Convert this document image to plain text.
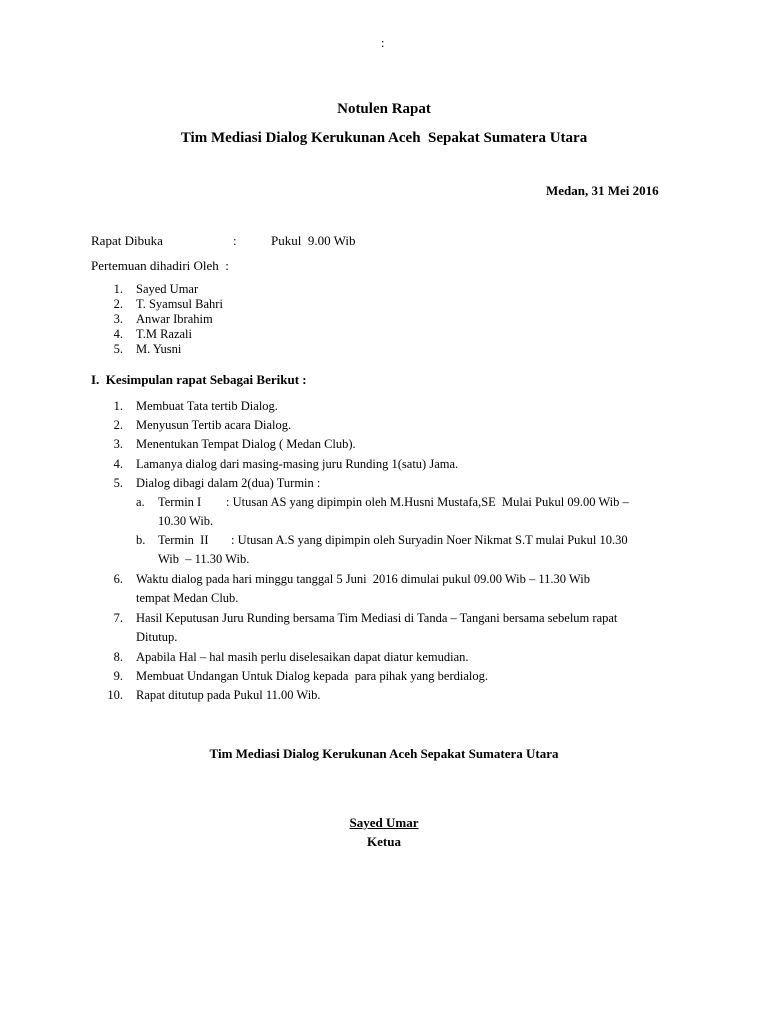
:
Notulen Rapat
Tim Mediasi Dialog Kerukunan Aceh  Sepakat Sumatera Utara
Medan, 31 Mei 2016
Rapat Dibuka	:	Pukul  9.00 Wib
Pertemuan dihadiri Oleh  :
1. Sayed Umar
2. T. Syamsul Bahri
3. Anwar Ibrahim
4. T.M Razali
5. M. Yusni
I.  Kesimpulan rapat Sebagai Berikut :
1. Membuat Tata tertib Dialog.
2. Menyusun Tertib acara Dialog.
3. Menentukan Tempat Dialog ( Medan Club).
4. Lamanya dialog dari masing-masing juru Runding 1(satu) Jama.
5. Dialog dibagi dalam 2(dua) Turmin :
a. Termin I : Utusan AS yang dipimpin oleh M.Husni Mustafa,SE  Mulai Pukul 09.00 Wib –
10.30 Wib.
b. Termin  II : Utusan A.S yang dipimpin oleh Suryadin Noer Nikmat S.T mulai Pukul 10.30
Wib  – 11.30 Wib.
6. Waktu dialog pada hari minggu tanggal 5 Juni  2016 dimulai pukul 09.00 Wib – 11.30 Wib
tempat Medan Club.
7. Hasil Keputusan Juru Runding bersama Tim Mediasi di Tanda – Tangani bersama sebelum rapat
Ditutup.
8. Apabila Hal – hal masih perlu diselesaikan dapat diatur kemudian.
9. Membuat Undangan Untuk Dialog kepada  para pihak yang berdialog.
10. Rapat ditutup pada Pukul 11.00 Wib.
Tim Mediasi Dialog Kerukunan Aceh Sepakat Sumatera Utara
Sayed Umar
Ketua
